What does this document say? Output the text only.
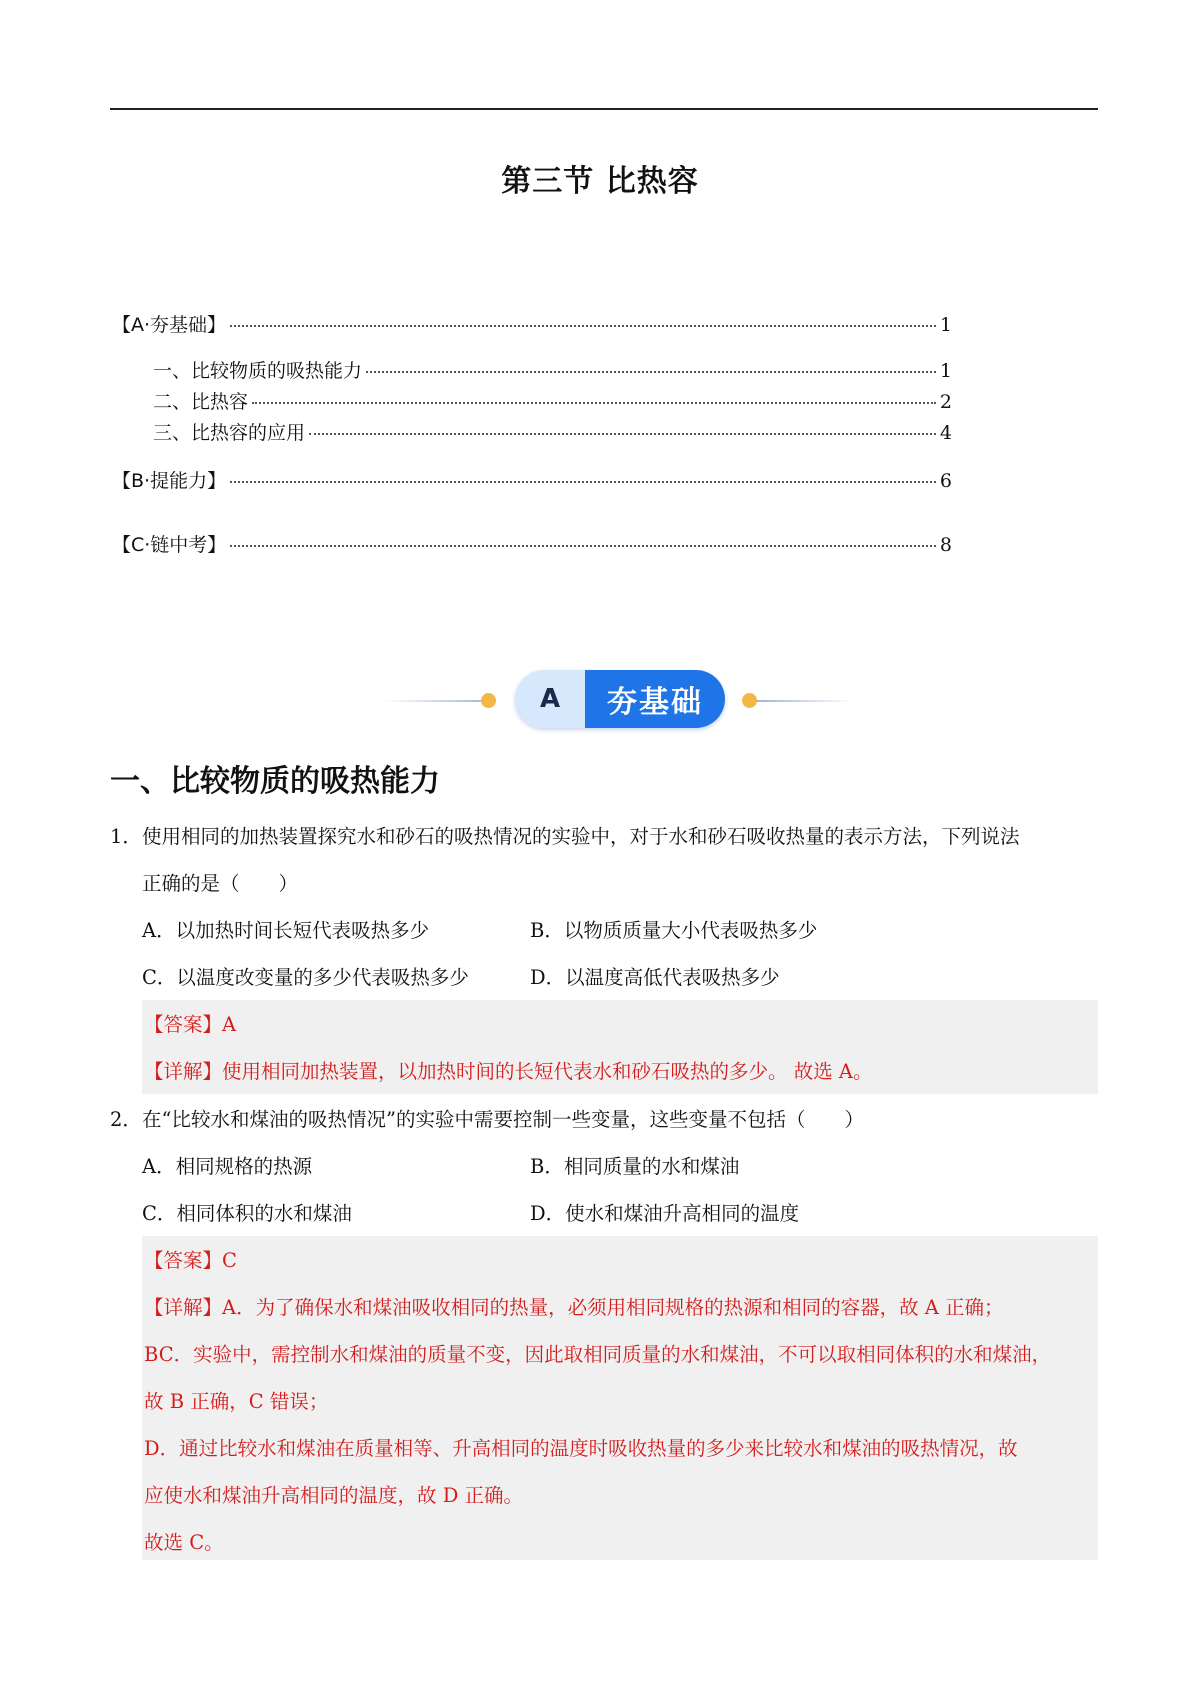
第三节 比热容
【A·夯基础】	1
一、比较物质的吸热能力	1
二、比热容	2
三、比热容的应用	4
【B·提能力】	6
【C·链中考】	8
A	夯基础
一、比较物质的吸热能力
1． 使用相同的加热装置探究水和砂石的吸热情况的实验中，对于水和砂石吸收热量的表示方法，下列说法
正确的是（　　）
A．以加热时间长短代表吸热多少	B．以物质质量大小代表吸热多少
C．以温度改变量的多少代表吸热多少	D．以温度高低代表吸热多少
【答案】A
【详解】使用相同加热装置，以加热时间的长短代表水和砂石吸热的多少。 故选 A。
2． 在“比较水和煤油的吸热情况”的实验中需要控制一些变量，这些变量不包括（　　）
A．相同规格的热源	B．相同质量的水和煤油
C．相同体积的水和煤油	D．使水和煤油升高相同的温度
【答案】C
【详解】A．为了确保水和煤油吸收相同的热量，必须用相同规格的热源和相同的容器，故 A 正确；
BC．实验中，需控制水和煤油的质量不变，因此取相同质量的水和煤油，不可以取相同体积的水和煤油，
故 B 正确，C 错误；
D．通过比较水和煤油在质量相等、升高相同的温度时吸收热量的多少来比较水和煤油的吸热情况，故
应使水和煤油升高相同的温度，故 D 正确。
故选 C。
